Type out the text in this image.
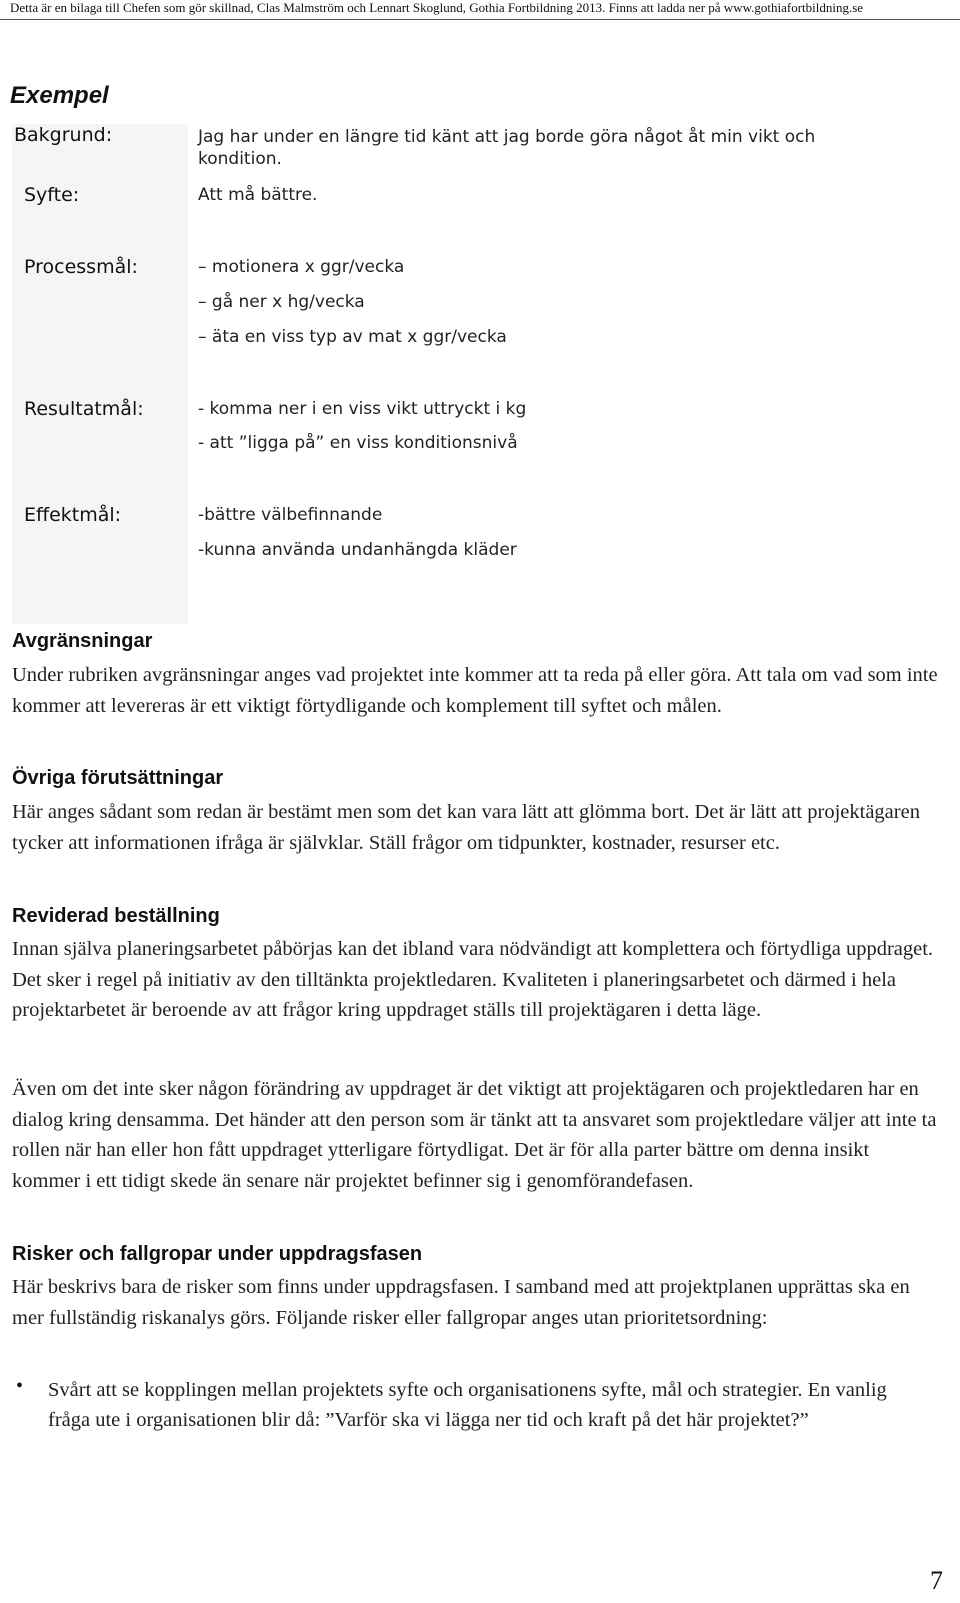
Detta är en bilaga till Chefen som gör skillnad, Clas Malmström och Lennart Skoglund, Gothia Fortbildning 2013. Finns att ladda ner på www.gothiafortbildning.se
Exempel
Bakgrund:	Jag har under en längre tid känt att jag borde göra något åt min vikt och kondition.
Syfte:	Att må bättre.
Processmål:	– motionera x ggr/vecka
– gå ner x hg/vecka
– äta en viss typ av mat x ggr/vecka
Resultatmål:	- komma ner i en viss vikt uttryckt i kg
- att ”ligga på” en viss konditionsnivå
Effektmål:	-bättre välbefinnande
-kunna använda undanhängda kläder
Avgränsningar
Under rubriken avgränsningar anges vad projektet inte kommer att ta reda på eller göra. Att tala om vad som inte kommer att levereras är ett viktigt förtydligande och komplement till syftet och målen.
Övriga förutsättningar
Här anges sådant som redan är bestämt men som det kan vara lätt att glömma bort. Det är lätt att projektägaren tycker att informationen ifråga är självklar. Ställ frågor om tidpunkter, kostnader, resurser etc.
Reviderad beställning
Innan själva planeringsarbetet påbörjas kan det ibland vara nödvändigt att komplettera och förtydliga uppdraget. Det sker i regel på initiativ av den tilltänkta projektledaren. Kvaliteten i planeringsarbetet och därmed i hela projektarbetet är beroende av att frågor kring uppdraget ställs till projektägaren i detta läge.
Även om det inte sker någon förändring av uppdraget är det viktigt att projektägaren och projektledaren har en dialog kring densamma. Det händer att den person som är tänkt att ta ansvaret som projektledare väljer att inte ta rollen när han eller hon fått uppdraget ytterligare förtydligat. Det är för alla parter bättre om denna insikt kommer i ett tidigt skede än senare när projektet befinner sig i genomförandefasen.
Risker och fallgropar under uppdragsfasen
Här beskrivs bara de risker som finns under uppdragsfasen. I samband med att projektplanen upprättas ska en mer fullständig riskanalys görs. Följande risker eller fallgropar anges utan prioritetsordning:
• Svårt att se kopplingen mellan projektets syfte och organisationens syfte, mål och strategier. En vanlig fråga ute i organisationen blir då: ”Varför ska vi lägga ner tid och kraft på det här projektet?”
7
